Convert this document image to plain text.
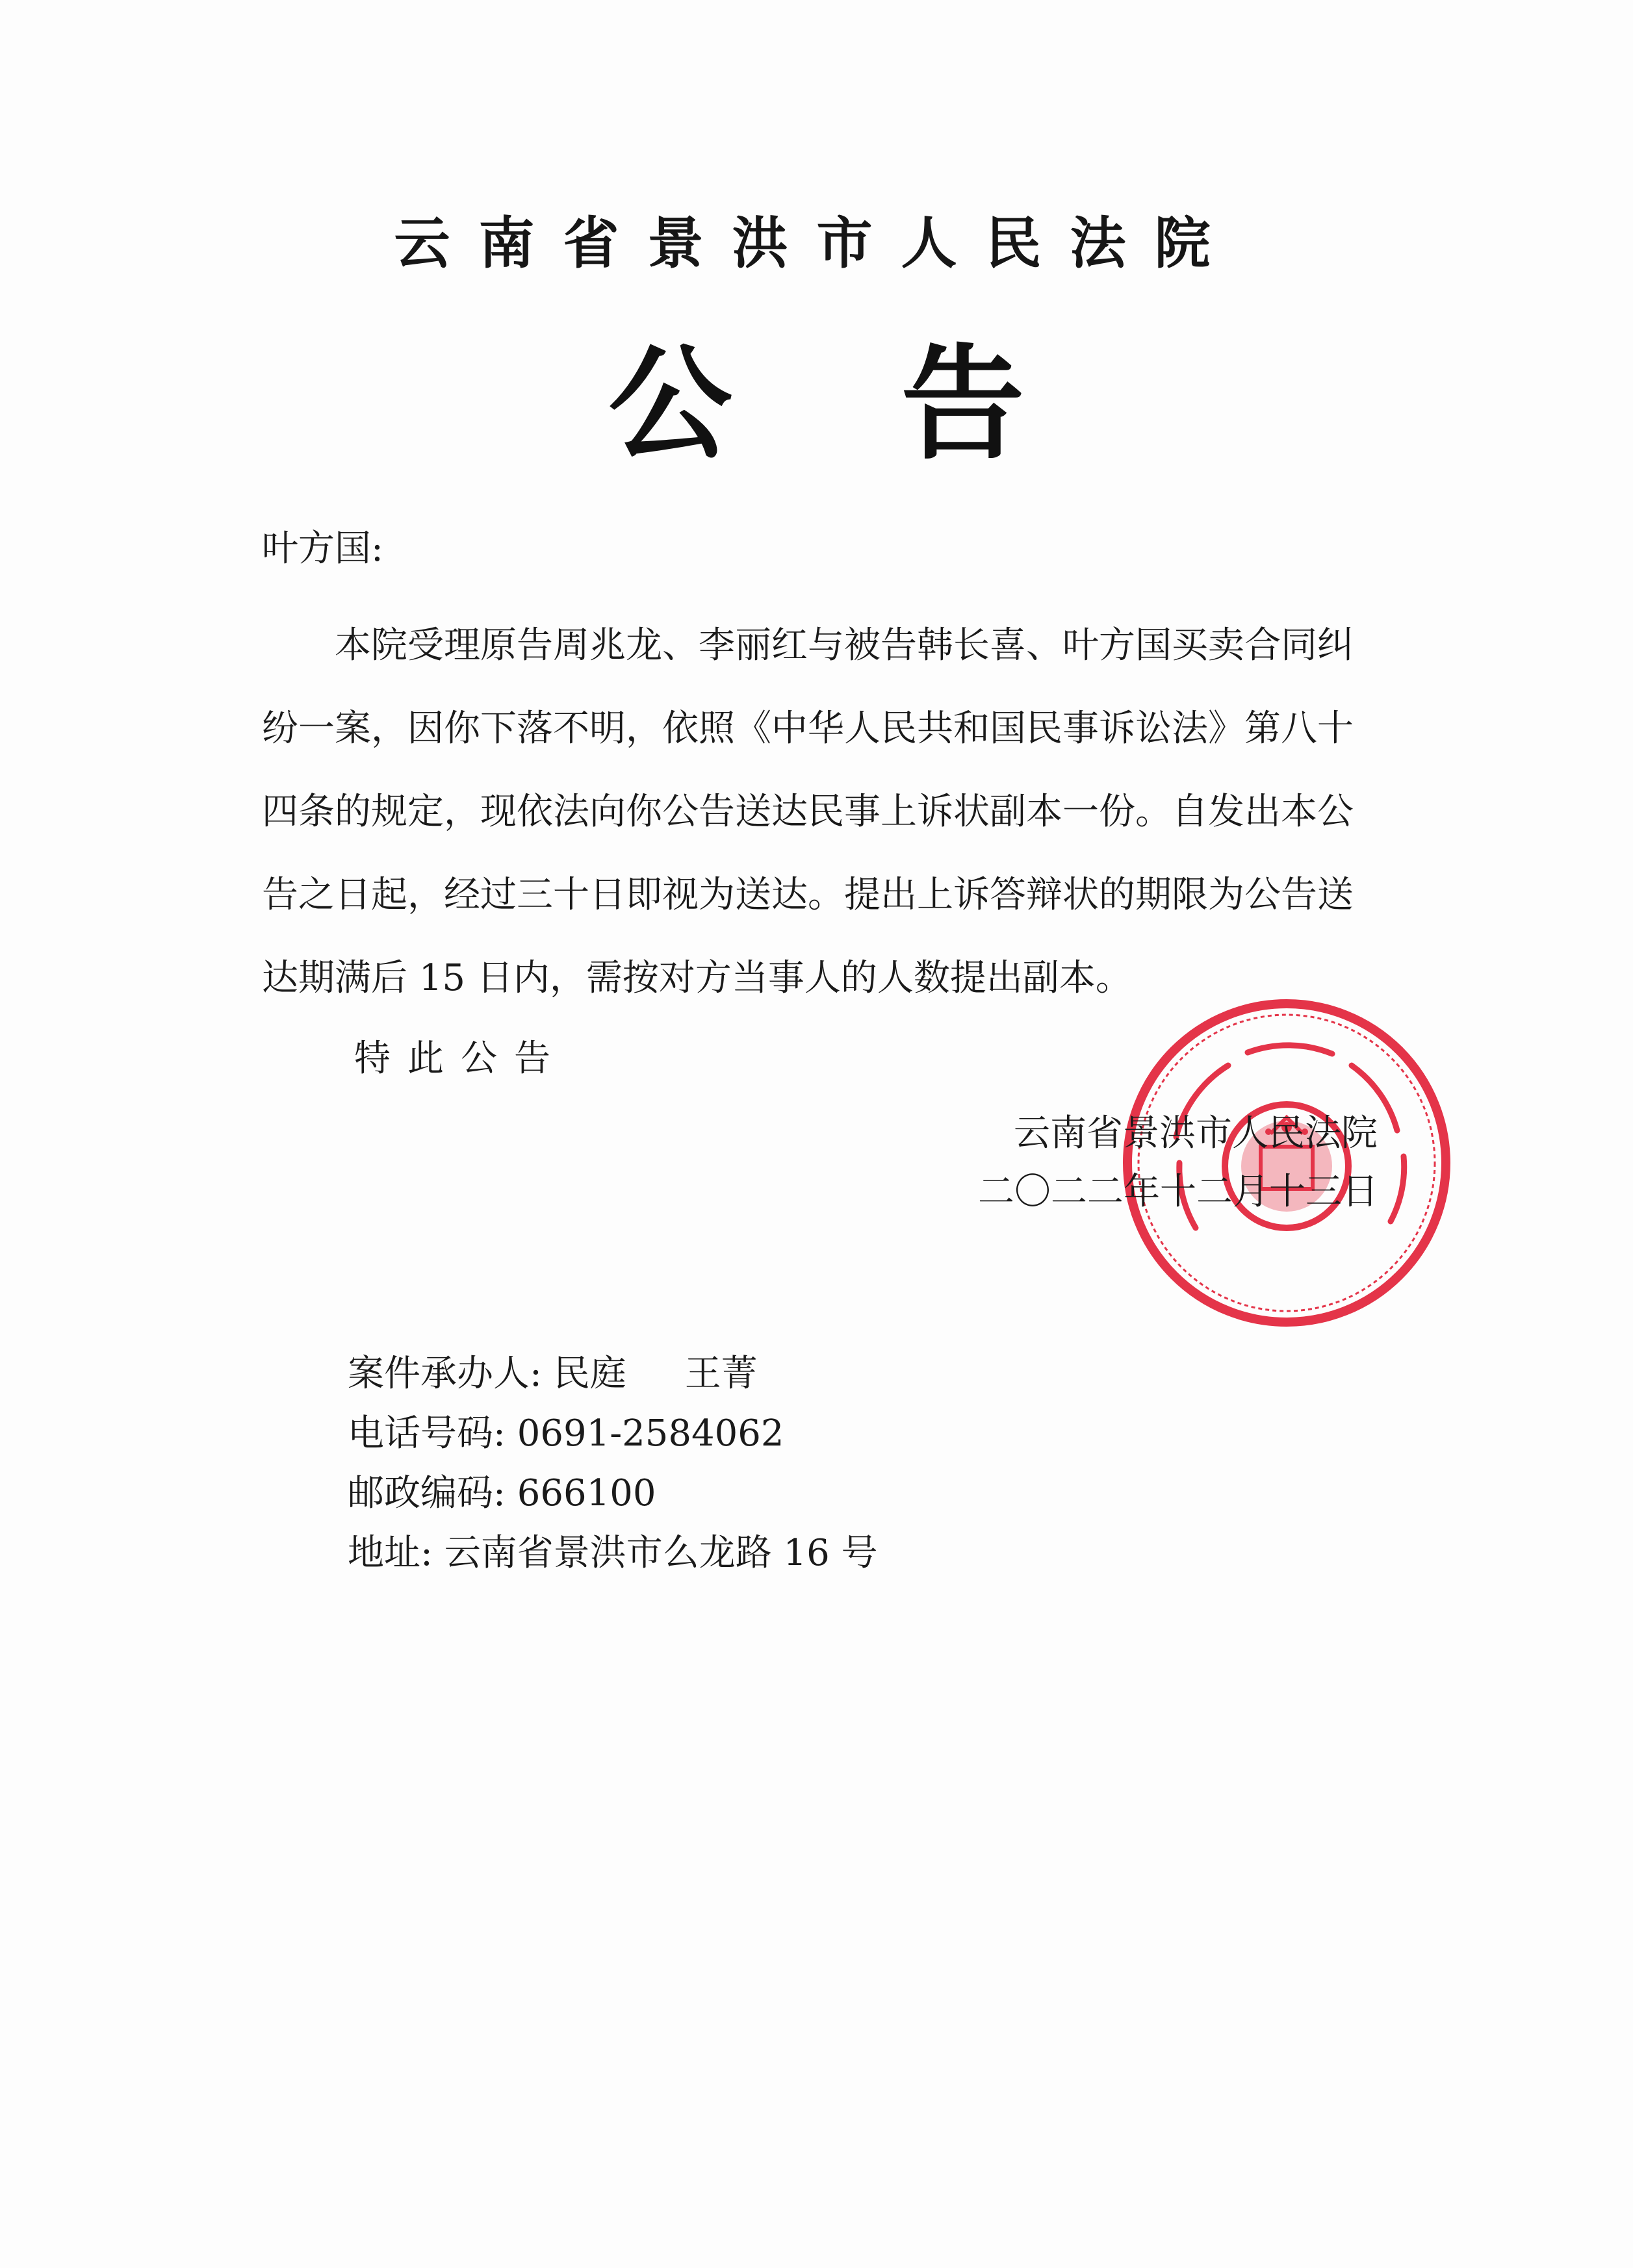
云南省景洪市人民法院
公告
叶方国:
本院受理原告周兆龙、李丽红与被告韩长喜、叶方国买卖合同纠
纷一案，因你下落不明，依照《中华人民共和国民事诉讼法》第八十
四条的规定，现依法向你公告送达民事上诉状副本一份。自发出本公
告之日起，经过三十日即视为送达。提出上诉答辩状的期限为公告送
达期满后 15 日内，需按对方当事人的人数提出副本。
特此公告
云南省景洪市人民法院
二〇二二年十二月十三日
案件承办人: 民庭 王菁
电话号码: 0691-2584062
邮政编码: 666100
地址: 云南省景洪市么龙路 16 号
